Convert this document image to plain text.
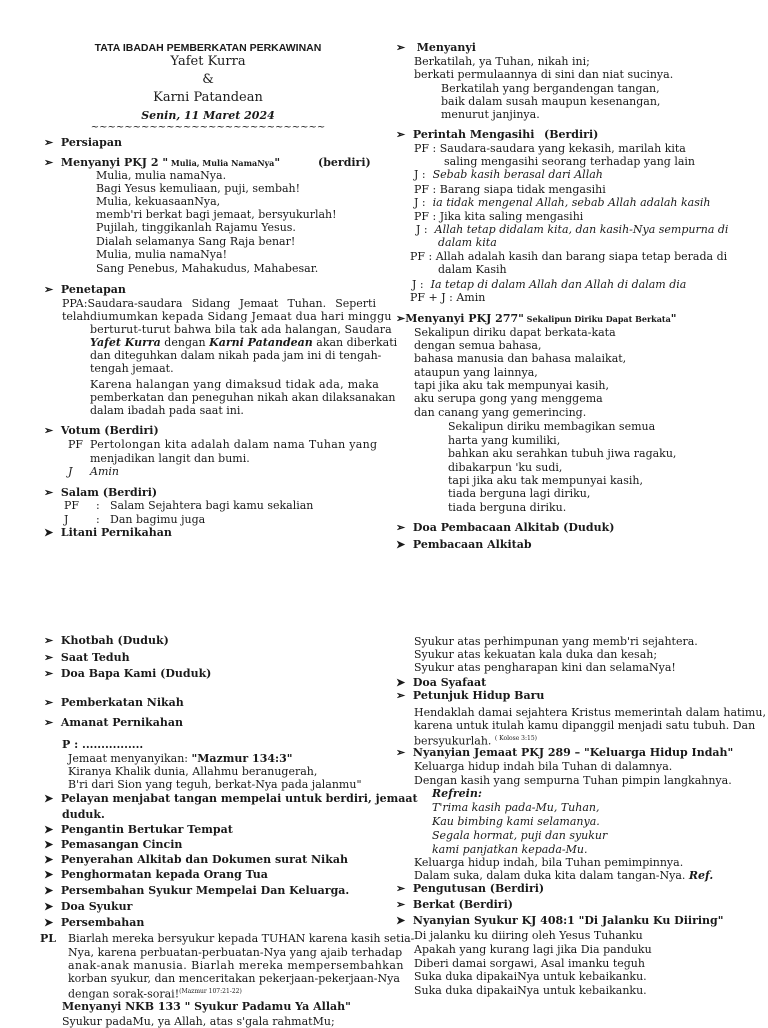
TATA IBADAH PEMBERKATAN PERKAWINAN
Yafet Kurra
&
Karni Patandean
Senin, 11 Maret 2024
~~~~~~~~~~~~~~~~~~~~~~~~~~~~
➢ Persiapan
➢ Menyanyi PKJ 2 " Mulia, Mulia NamaNya"	(berdiri)
Mulia, mulia namaNya.
Bagi Yesus kemuliaan, puji, sembah!
Mulia, kekuasaanNya,
memb'ri berkat bagi jemaat, bersyukurlah!
Pujilah, tinggikanlah Rajamu Yesus.
Dialah selamanya Sang Raja benar!
Mulia, mulia namaNya!
Sang Penebus, Mahakudus, Mahabesar.
➢ Penetapan
PPA:Saudara-saudara Sidang Jemaat Tuhan. Seperti telah diumumkan kepada Sidang Jemaat dua hari minggu
berturut-turut bahwa bila tak ada halangan, Saudara
Yafet Kurra dengan Karni Patandean akan diberkati
dan diteguhkan dalam nikah pada jam ini di tengah-
tengah jemaat.
Karena halangan yang dimaksud tidak ada, maka
pemberkatan dan peneguhan nikah akan dilaksanakan
dalam ibadah pada saat ini.
➢ Votum (Berdiri)
PF Pertolongan kita adalah dalam nama Tuhan yang
menjadikan langit dan bumi.
J Amin
➢ Salam (Berdiri)
PF : Salam Sejahtera bagi kamu sekalian
J	: Dan bagimu juga
➤ Litani Pernikahan
➢ Menyanyi
Berkatilah, ya Tuhan, nikah ini;
berkati permulaannya di sini dan niat sucinya.
Berkatilah yang bergandengan tangan,
baik dalam susah maupun kesenangan,
menurut janjinya.
➢ Perintah Mengasihi (Berdiri)
PF : Saudara-saudara yang kekasih, marilah kita
saling mengasihi seorang terhadap yang lain
J : Sebab kasih berasal dari Allah
PF : Barang siapa tidak mengasihi
J : ia tidak mengenal Allah, sebab Allah adalah kasih
PF : Jika kita saling mengasihi
J : Allah tetap didalam kita, dan kasih-Nya sempurna di
dalam kita
PF : Allah adalah kasih dan barang siapa tetap berada di
dalam Kasih
J : Ia tetap di dalam Allah dan Allah di dalam dia
PF + J : Amin
➢Menyanyi PKJ 277" Sekalipun Diriku Dapat Berkata"
Sekalipun diriku dapat berkata-kata
dengan semua bahasa,
bahasa manusia dan bahasa malaikat,
ataupun yang lainnya,
tapi jika aku tak mempunyai kasih,
aku serupa gong yang menggema
dan canang yang gemerincing.
Sekalipun diriku membagikan semua
harta yang kumiliki,
bahkan aku serahkan tubuh jiwa ragaku,
dibakarpun 'ku sudi,
tapi jika aku tak mempunyai kasih,
tiada berguna lagi diriku,
tiada berguna diriku.
➢ Doa Pembacaan Alkitab (Duduk)
➤ Pembacaan Alkitab
➢ Khotbah (Duduk)
➢ Saat Teduh
➢ Doa Bapa Kami (Duduk)
➢ Pemberkatan Nikah
➢ Amanat Pernikahan
P : ................
Jemaat menyanyikan: "Mazmur 134:3"
Kiranya Khalik dunia, Allahmu beranugerah,
B'ri dari Sion yang teguh, berkat-Nya pada jalanmu"
➤ Pelayan menjabat tangan mempelai untuk berdiri, jemaat
duduk.
➤ Pengantin Bertukar Tempat
➤ Pemasangan Cincin
➤ Penyerahan Alkitab dan Dokumen surat Nikah
➤ Penghormatan kepada Orang Tua
➤ Persembahan Syukur Mempelai Dan Keluarga.
➤ Doa Syukur
➤ Persembahan
PL Biarlah mereka bersyukur kepada TUHAN karena kasih setia-
Nya, karena perbuatan-perbuatan-Nya yang ajaib terhadap
anak-anak manusia. Biarlah mereka mempersembahkan
korban syukur, dan menceritakan pekerjaan-pekerjaan-Nya
dengan sorak-sorai!$^{(Mazmur 107:21-22)}$
Menyanyi NKB 133 " Syukur Padamu Ya Allah"
Syukur padaMu, ya Allah, atas s'gala rahmatMu;
Syukur atas perhimpunan yang memb'ri sejahtera.
Syukur atas kekuatan kala duka dan kesah;
Syukur atas pengharapan kini dan selamaNya!
➤ Doa Syafaat
➢ Petunjuk Hidup Baru
Hendaklah damai sejahtera Kristus memerintah dalam hatimu,
karena untuk itulah kamu dipanggil menjadi satu tubuh. Dan
bersyukurlah. $^{( Kolose 3:15)}$
➢ Nyanyian Jemaat PKJ 289 – "Keluarga Hidup Indah"
Keluarga hidup indah bila Tuhan di dalamnya.
Dengan kasih yang sempurna Tuhan pimpin langkahnya.
Refrein:
T'rima kasih pada-Mu, Tuhan,
Kau bimbing kami selamanya.
Segala hormat, puji dan syukur
kami panjatkan kepada-Mu.
Keluarga hidup indah, bila Tuhan pemimpinnya.
Dalam suka, dalam duka kita dalam tangan-Nya. Ref.
➢ Pengutusan (Berdiri)
➢ Berkat (Berdiri)
➤ Nyanyian Syukur KJ 408:1 "Di Jalanku Ku Diiring"
Di jalanku ku diiring oleh Yesus Tuhanku
Apakah yang kurang lagi jika Dia panduku
Diberi damai sorgawi, Asal imanku teguh
Suka duka dipakaiNya untuk kebaikanku.
Suka duka dipakaiNya untuk kebaikanku.
